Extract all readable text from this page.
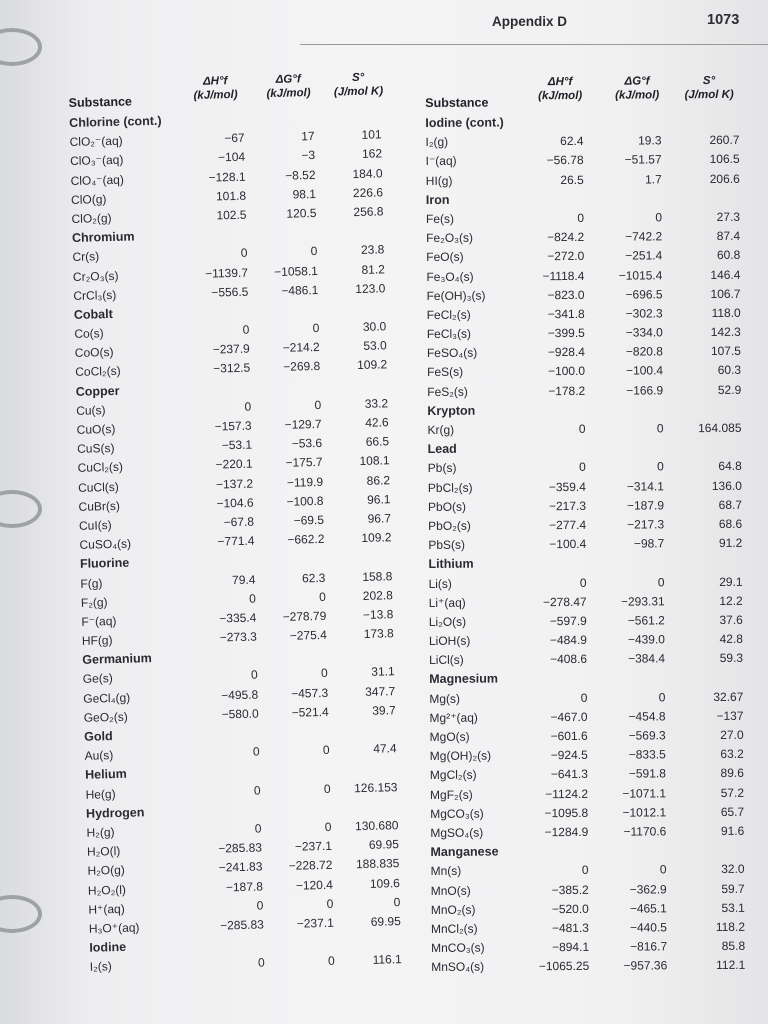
Appendix D	1073
Substance
ΔH°f
(kJ/mol)
ΔG°f
(kJ/mol)
S°
(J/mol K)
Chlorine (cont.)
ClO₂⁻(aq)	−67	17	101
ClO₃⁻(aq)	−104	−3	162
ClO₄⁻(aq)	−128.1	−8.52	184.0
ClO(g)	101.8	98.1	226.6
ClO₂(g)	102.5	120.5	256.8
Chromium
Cr(s)	0	0	23.8
Cr₂O₃(s)	−1139.7 −1058.1	81.2
CrCl₃(s)	−556.5	−486.1	123.0
Cobalt
Co(s)	0	0	30.0
CoO(s)	−237.9	−214.2	53.0
CoCl₂(s)	−312.5	−269.8	109.2
Copper
Cu(s)	0	0	33.2
CuO(s)	−157.3	−129.7	42.6
CuS(s)	−53.1	−53.6	66.5
CuCl₂(s)	−220.1	−175.7	108.1
CuCl(s)	−137.2	−119.9	86.2
CuBr(s)	−104.6	−100.8	96.1
CuI(s)	−67.8	−69.5	96.7
CuSO₄(s)	−771.4	−662.2	109.2
Fluorine
F(g)	79.4	62.3	158.8
F₂(g)	0	0	202.8
F⁻(aq)	−335.4 −278.79	−13.8
HF(g)	−273.3	−275.4	173.8
Germanium
Ge(s)	0	0	31.1
GeCl₄(g)	−495.8	−457.3	347.7
GeO₂(s)	−580.0	−521.4	39.7
Gold
Au(s)	0	0	47.4
Helium
He(g)	0	0 126.153
Hydrogen
H₂(g)	0	0 130.680
H₂O(l)	−285.83	−237.1	69.95
H₂O(g)	−241.83 −228.72 188.835
H₂O₂(l)	−187.8	−120.4	109.6
H⁺(aq)	0	0	0
H₃O⁺(aq)	−285.83	−237.1	69.95
Iodine
I₂(s)	0	0	116.1
Substance
ΔH°f
(kJ/mol)
ΔG°f
(kJ/mol)
S°
(J/mol K)
Iodine (cont.)
I₂(g)	62.4	19.3	260.7
I⁻(aq)	−56.78	−51.57	106.5
HI(g)	26.5	1.7	206.6
Iron
Fe(s)	0	0	27.3
Fe₂O₃(s)	−824.2	−742.2	87.4
FeO(s)	−272.0	−251.4	60.8
Fe₃O₄(s)	−1118.4	−1015.4	146.4
Fe(OH)₃(s)	−823.0	−696.5	106.7
FeCl₂(s)	−341.8	−302.3	118.0
FeCl₃(s)	−399.5	−334.0	142.3
FeSO₄(s)	−928.4	−820.8	107.5
FeS(s)	−100.0	−100.4	60.3
FeS₂(s)	−178.2	−166.9	52.9
Krypton
Kr(g)	0	0	164.085
Lead
Pb(s)	0	0	64.8
PbCl₂(s)	−359.4	−314.1	136.0
PbO(s)	−217.3	−187.9	68.7
PbO₂(s)	−277.4	−217.3	68.6
PbS(s)	−100.4	−98.7	91.2
Lithium
Li(s)	0	0	29.1
Li⁺(aq)	−278.47	−293.31	12.2
Li₂O(s)	−597.9	−561.2	37.6
LiOH(s)	−484.9	−439.0	42.8
LiCl(s)	−408.6	−384.4	59.3
Magnesium
Mg(s)	0	0	32.67
Mg²⁺(aq)	−467.0	−454.8	−137
MgO(s)	−601.6	−569.3	27.0
Mg(OH)₂(s)	−924.5	−833.5	63.2
MgCl₂(s)	−641.3	−591.8	89.6
MgF₂(s)	−1124.2	−1071.1	57.2
MgCO₃(s)	−1095.8	−1012.1	65.7
MgSO₄(s)	−1284.9	−1170.6	91.6
Manganese
Mn(s)	0	0	32.0
MnO(s)	−385.2	−362.9	59.7
MnO₂(s)	−520.0	−465.1	53.1
MnCl₂(s)	−481.3	−440.5	118.2
MnCO₃(s)	−894.1	−816.7	85.8
MnSO₄(s)	−1065.25	−957.36	112.1
